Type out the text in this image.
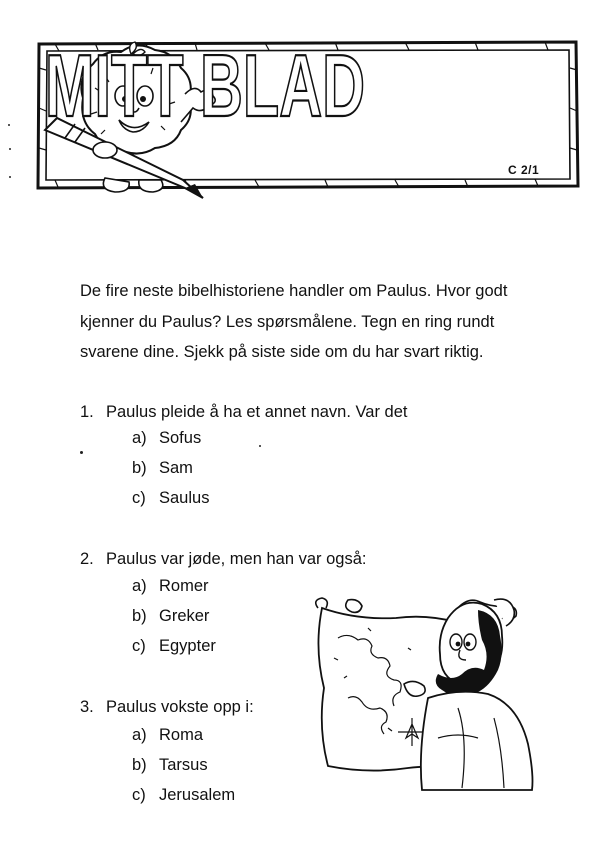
MITT BLAD
C 2/1
De fire neste bibelhistoriene handler om Paulus. Hvor godt kjenner du Paulus? Les spørsmålene. Tegn en ring rundt svarene dine. Sjekk på siste side om du har svart riktig.
1. Paulus pleide å ha et annet navn. Var det
a) Sofus
b) Sam
c) Saulus
2. Paulus var jøde, men han var også:
a) Romer
b) Greker
c) Egypter
3. Paulus vokste opp i:
a) Roma
b) Tarsus
c) Jerusalem
